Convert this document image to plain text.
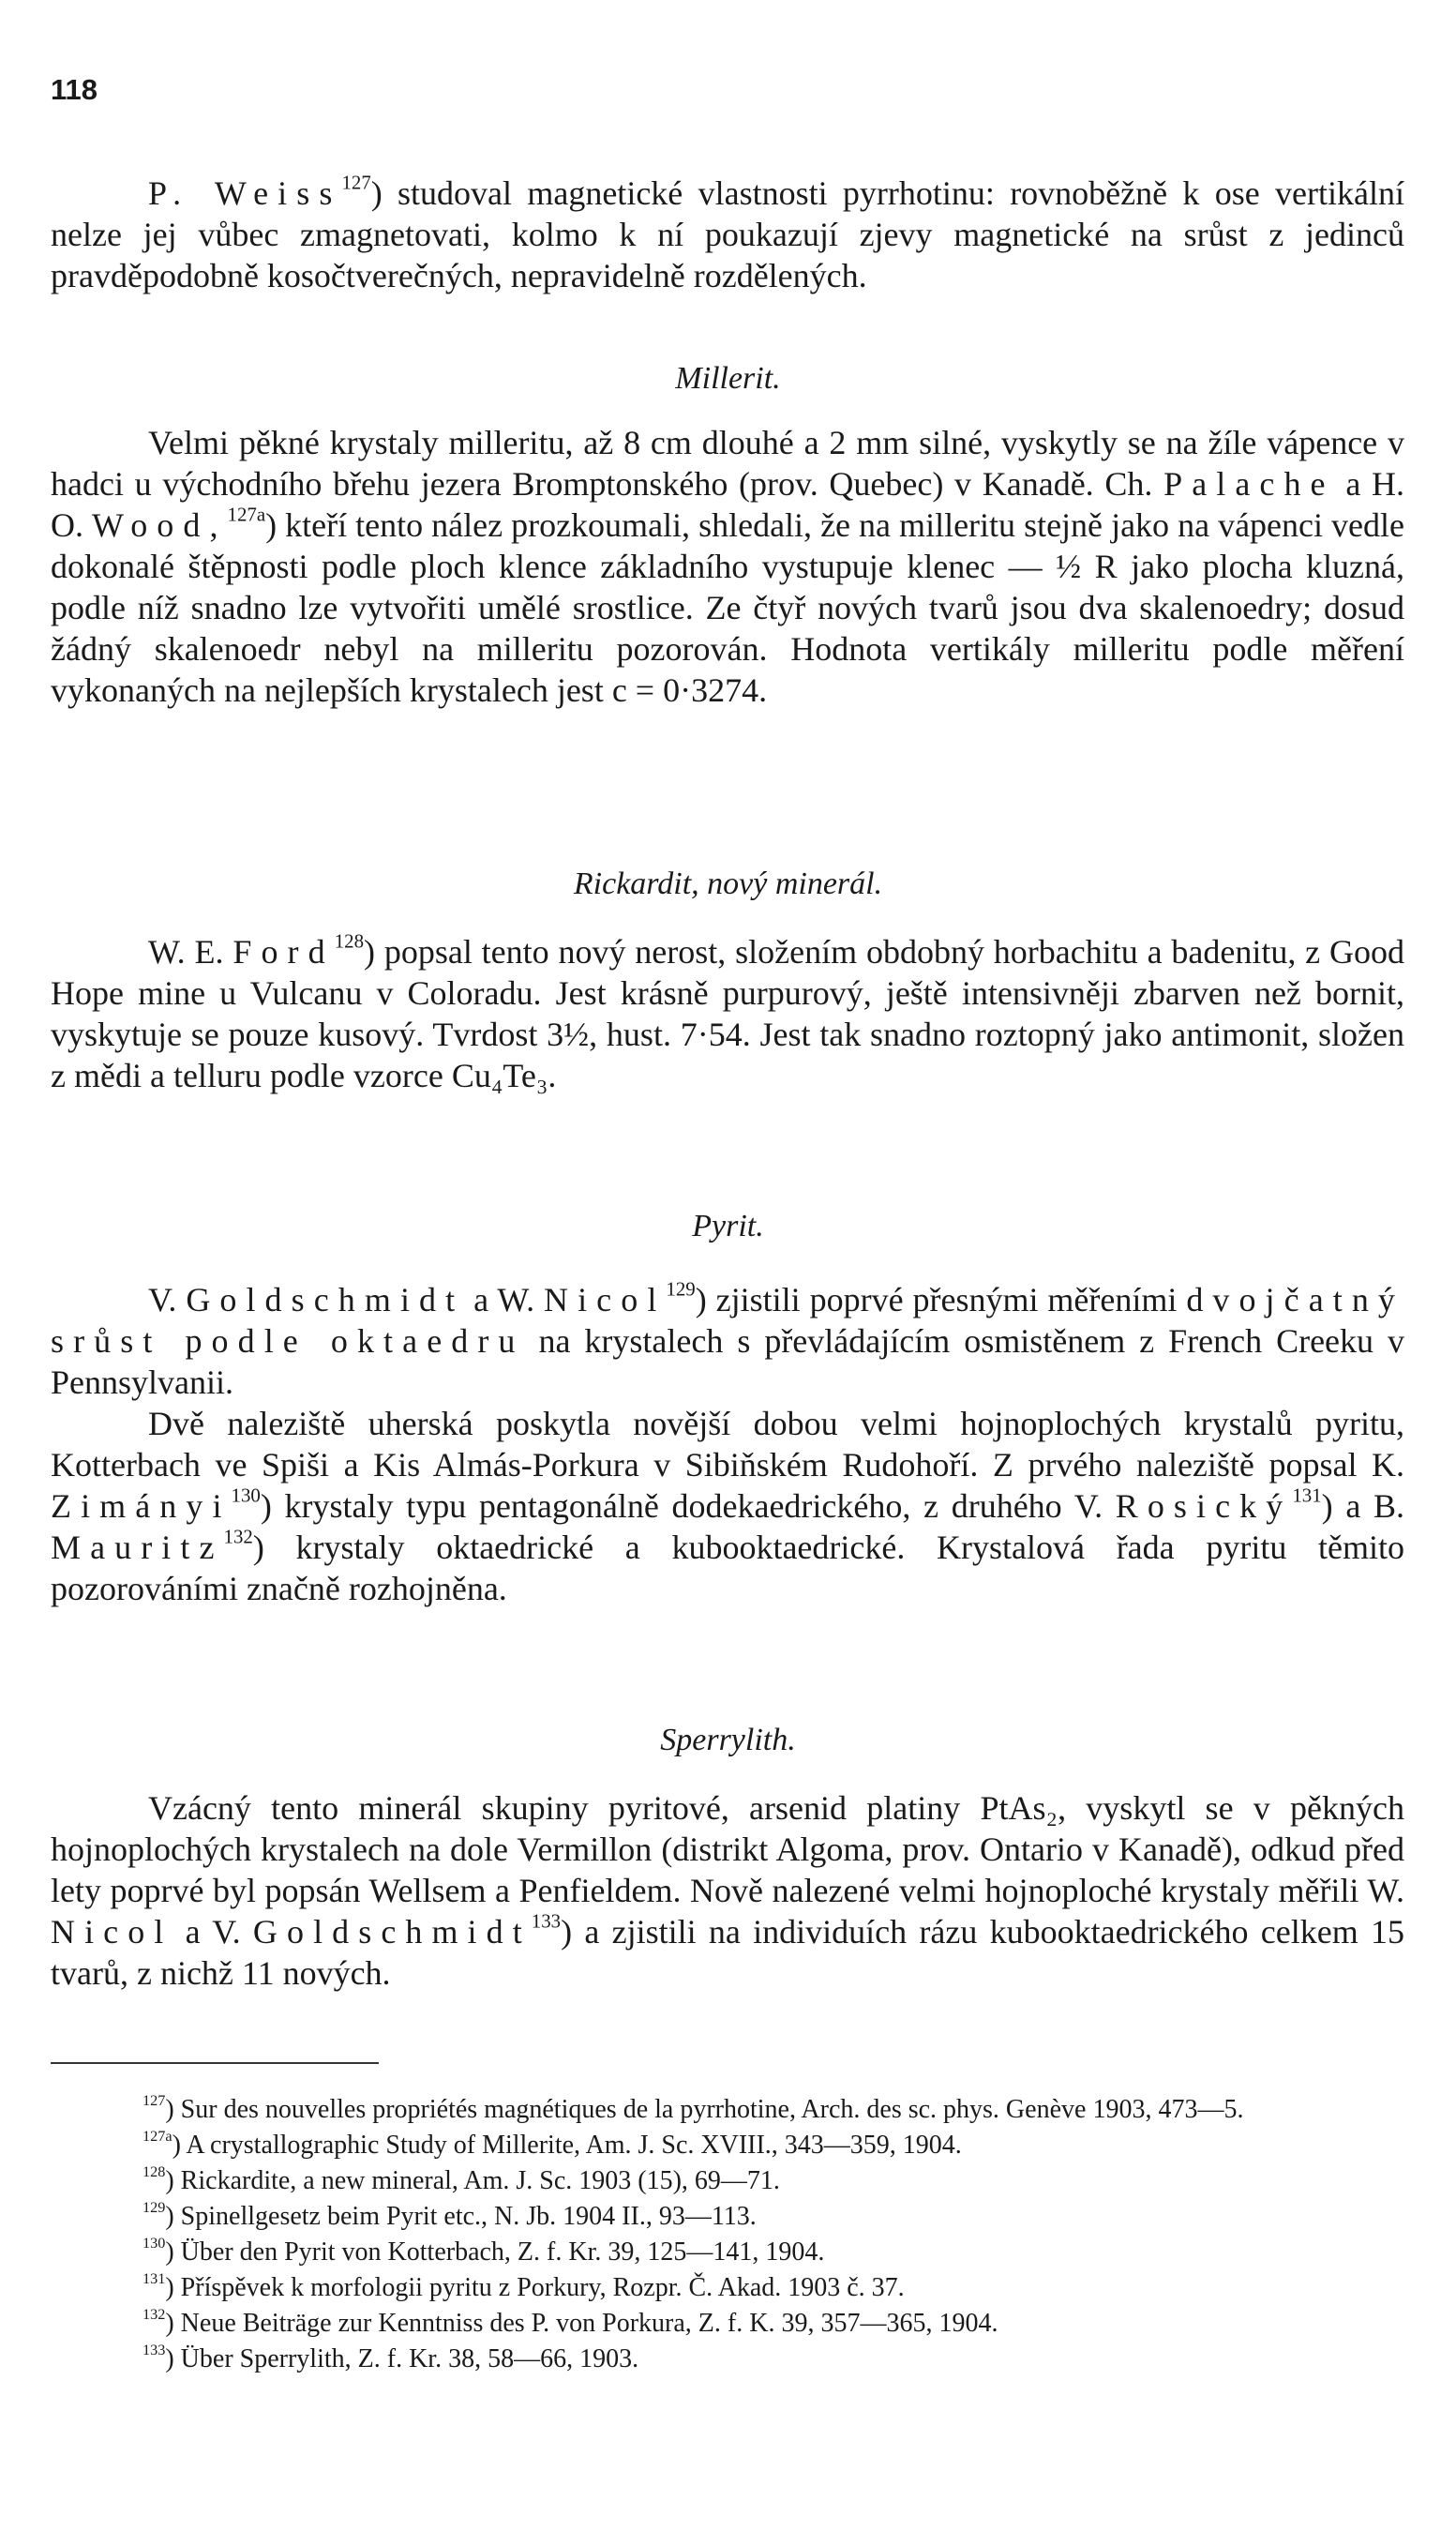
118

P. Weiss$^{127}$) studoval magnetické vlastnosti pyrrhotinu: rovnoběžně k ose vertikální nelze jej vůbec zmagnetovati, kolmo k ní poukazují zjevy magnetické na srůst z jedinců pravděpodobně kosočtverečných, nepravidelně rozdělených.

Millerit.

Velmi pěkné krystaly milleritu, až 8 cm dlouhé a 2 mm silné, vyskytly se na žíle vápence v hadci u východního břehu jezera Bromptonského (prov. Quebec) v Kanadě. Ch. Palache a H. O. Wood,$^{127a}$) kteří tento nález prozkoumali, shledali, že na milleritu stejně jako na vápenci vedle dokonalé štěpnosti podle ploch klence základního vystupuje klenec — ½ R jako plocha kluzná, podle níž snadno lze vytvořiti umělé srostlice. Ze čtyř nových tvarů jsou dva skalenoedry; dosud žádný skalenoedr nebyl na milleritu pozorován. Hodnota vertikály milleritu podle měření vykonaných na nejlepších krystalech jest c = 0·3274.

Rickardit, nový minerál.

W. E. Ford$^{128}$) popsal tento nový nerost, složením obdobný horbachitu a badenitu, z Good Hope mine u Vulcanu v Coloradu. Jest krásně purpurový, ještě intensivněji zbarven než bornit, vyskytuje se pouze kusový. Tvrdost 3½, hust. 7·54. Jest tak snadno roztopný jako antimonit, složen z mědi a telluru podle vzorce Cu₄Te₃.

Pyrit.

V. Goldschmidt a W. Nicol$^{129}$) zjistili poprvé přesnými měřeními dvojčatný srůst podle oktaedru na krystalech s převládajícím osmistěnem z French Creeku v Pennsylvanii.

Dvě naleziště uherská poskytla novější dobou velmi hojnoplochých krystalů pyritu, Kotterbach ve Spiši a Kis Almás-Porkura v Sibiňském Rudohoří. Z prvého naleziště popsal K. Zimányi$^{130}$) krystaly typu pentagonálně dodekaedrického, z druhého V. Rosický$^{131}$) a B. Mauritz$^{132}$) krystaly oktaedrické a kubooktaedrické. Krystalová řada pyritu těmito pozorováními značně rozhojněna.

Sperrylith.

Vzácný tento minerál skupiny pyritové, arsenid platiny PtAs₂, vyskytl se v pěkných hojnoplochých krystalech na dole Vermillon (distrikt Algoma, prov. Ontario v Kanadě), odkud před lety poprvé byl popsán Wellsem a Penfieldem. Nově nalezené velmi hojnoploché krystaly měřili W. Nicol a V. Goldschmidt$^{133}$) a zjistili na individuích rázu kubooktaedrického celkem 15 tvarů, z nichž 11 nových.

$^{127}$) Sur des nouvelles propriétés magnétiques de la pyrrhotine, Arch. des sc. phys. Genève 1903, 473—5.

$^{127a}$) A crystallographic Study of Millerite, Am. J. Sc. XVIII., 343—359, 1904.

$^{128}$) Rickardite, a new mineral, Am. J. Sc. 1903 (15), 69—71.

$^{129}$) Spinellgesetz beim Pyrit etc., N. Jb. 1904 II., 93—113.

$^{130}$) Über den Pyrit von Kotterbach, Z. f. Kr. 39, 125—141, 1904.

$^{131}$) Příspěvek k morfologii pyritu z Porkury, Rozpr. Č. Akad. 1903 č. 37.

$^{132}$) Neue Beiträge zur Kenntniss des P. von Porkura, Z. f. K. 39, 357—365, 1904.

$^{133}$) Über Sperrylith, Z. f. Kr. 38, 58—66, 1903.
